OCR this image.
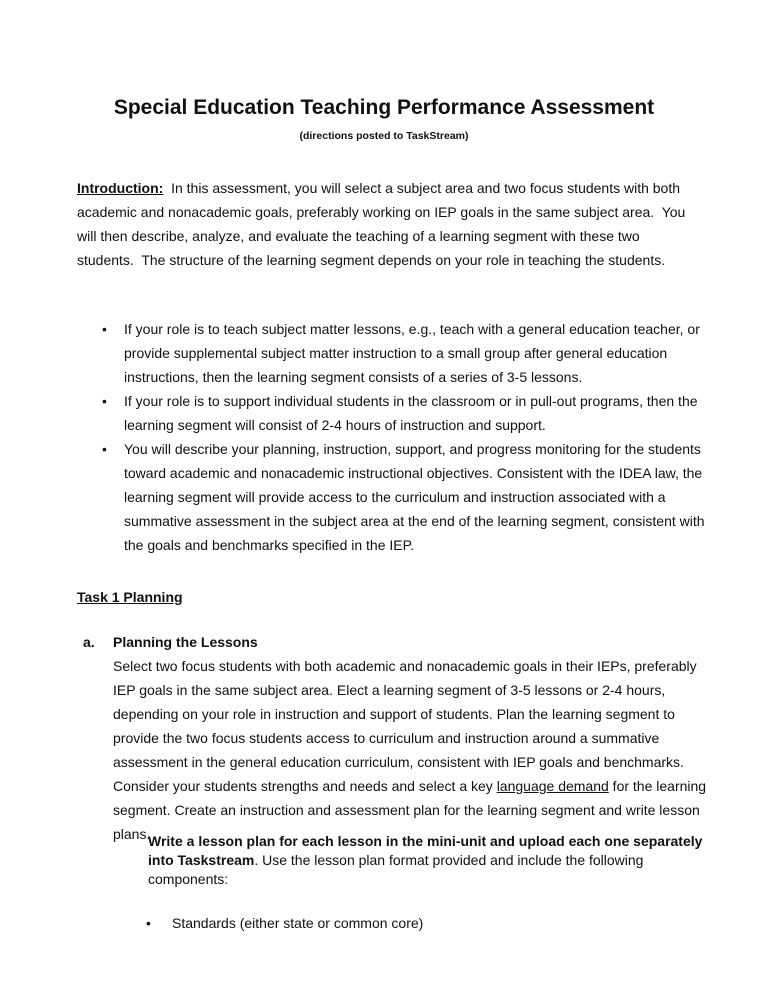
Special Education Teaching Performance Assessment
(directions posted to TaskStream)
Introduction:  In this assessment, you will select a subject area and two focus students with both academic and nonacademic goals, preferably working on IEP goals in the same subject area.  You will then describe, analyze, and evaluate the teaching of a learning segment with these two students.  The structure of the learning segment depends on your role in teaching the students.
• If your role is to teach subject matter lessons, e.g., teach with a general education teacher, or provide supplemental subject matter instruction to a small group after general education instructions, then the learning segment consists of a series of 3-5 lessons.
• If your role is to support individual students in the classroom or in pull-out programs, then the learning segment will consist of 2-4 hours of instruction and support.
• You will describe your planning, instruction, support, and progress monitoring for the students toward academic and nonacademic instructional objectives. Consistent with the IDEA law, the learning segment will provide access to the curriculum and instruction associated with a summative assessment in the subject area at the end of the learning segment, consistent with the goals and benchmarks specified in the IEP.
Task 1 Planning
a. Planning the Lessons
Select two focus students with both academic and nonacademic goals in their IEPs, preferably IEP goals in the same subject area. Elect a learning segment of 3-5 lessons or 2-4 hours, depending on your role in instruction and support of students. Plan the learning segment to provide the two focus students access to curriculum and instruction around a summative assessment in the general education curriculum, consistent with IEP goals and benchmarks. Consider your students strengths and needs and select a key language demand for the learning segment. Create an instruction and assessment plan for the learning segment and write lesson plans.
Write a lesson plan for each lesson in the mini-unit and upload each one separately into Taskstream. Use the lesson plan format provided and include the following components:
• Standards (either state or common core)
